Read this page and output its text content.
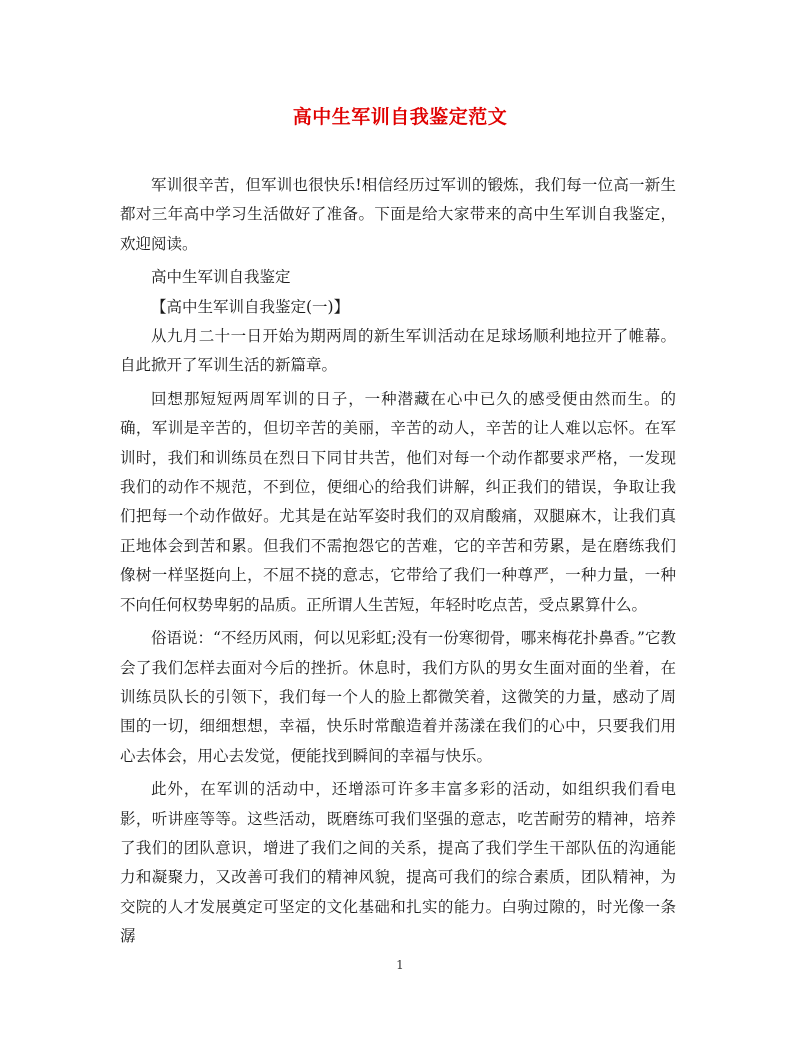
高中生军训自我鉴定范文

军训很辛苦，但军训也很快乐!相信经历过军训的锻炼，我们每一位高一新生都对三年高中学习生活做好了准备。下面是给大家带来的高中生军训自我鉴定，欢迎阅读。

高中生军训自我鉴定

【高中生军训自我鉴定(一)】

从九月二十一日开始为期两周的新生军训活动在足球场顺利地拉开了帷幕。自此掀开了军训生活的新篇章。

回想那短短两周军训的日子，一种潜藏在心中已久的感受便由然而生。的确，军训是辛苦的，但切辛苦的美丽，辛苦的动人，辛苦的让人难以忘怀。在军训时，我们和训练员在烈日下同甘共苦，他们对每一个动作都要求严格，一发现我们的动作不规范，不到位，便细心的给我们讲解，纠正我们的错误，争取让我们把每一个动作做好。尤其是在站军姿时我们的双肩酸痛，双腿麻木，让我们真正地体会到苦和累。但我们不需抱怨它的苦难，它的辛苦和劳累，是在磨练我们像树一样坚挺向上，不屈不挠的意志，它带给了我们一种尊严，一种力量，一种不向任何权势卑躬的品质。正所谓人生苦短，年轻时吃点苦，受点累算什么。

俗语说：“不经历风雨，何以见彩虹;没有一份寒彻骨，哪来梅花扑鼻香。”它教会了我们怎样去面对今后的挫折。休息时，我们方队的男女生面对面的坐着，在训练员队长的引领下，我们每一个人的脸上都微笑着，这微笑的力量，感动了周围的一切，细细想想，幸福，快乐时常酿造着并荡漾在我们的心中，只要我们用心去体会，用心去发觉，便能找到瞬间的幸福与快乐。

此外，在军训的活动中，还增添可许多丰富多彩的活动，如组织我们看电影，听讲座等等。这些活动，既磨练可我们坚强的意志，吃苦耐劳的精神，培养了我们的团队意识，增进了我们之间的关系，提高了我们学生干部队伍的沟通能力和凝聚力，又改善可我们的精神风貌，提高可我们的综合素质，团队精神，为交院的人才发展奠定可坚定的文化基础和扎实的能力。白驹过隙的，时光像一条潺

1
